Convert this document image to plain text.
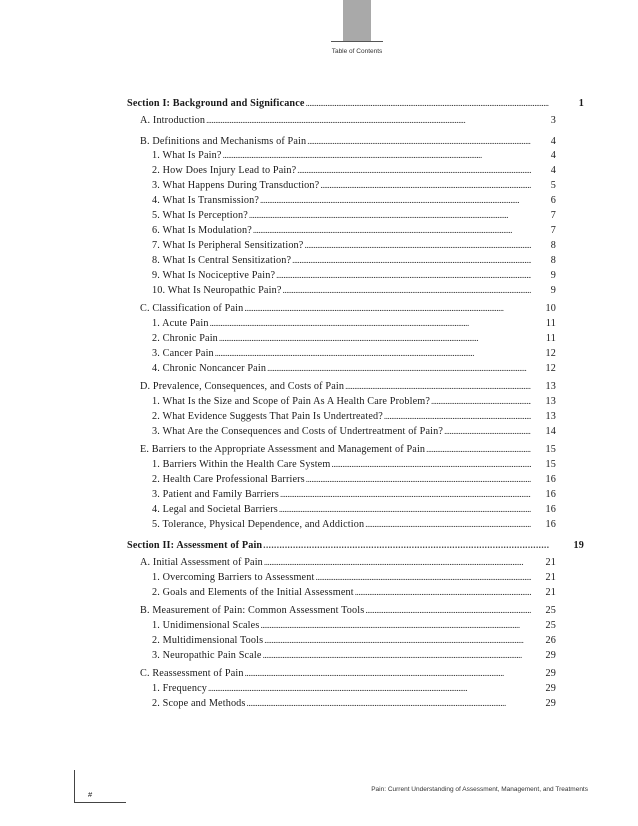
Table of Contents
Section I: Background and Significance . . .	1
A. Introduction . . .	3
B. Definitions and Mechanisms of Pain . . .	4
1. What Is Pain? . . .	4
2. How Does Injury Lead to Pain? . . .	4
3. What Happens During Transduction? . . .	5
4. What Is Transmission? . . .	6
5. What Is Perception? . . .	7
6. What Is Modulation? . . .	7
7. What Is Peripheral Sensitization? . . .	8
8. What Is Central Sensitization? . . .	8
9. What Is Nociceptive Pain? . . .	9
10. What Is Neuropathic Pain? . . .	9
C. Classification of Pain . . .	10
1. Acute Pain . . .	11
2. Chronic Pain . . .	11
3. Cancer Pain . . .	12
4. Chronic Noncancer Pain . . .	12
D. Prevalence, Consequences, and Costs of Pain . . .	13
1. What Is the Size and Scope of Pain As A Health Care Problem? . . .	13
2. What Evidence Suggests That Pain Is Undertreated? . . .	13
3. What Are the Consequences and Costs of Undertreatment of Pain? . . .	14
E. Barriers to the Appropriate Assessment and Management of Pain . . .	15
1. Barriers Within the Health Care System . . .	15
2. Health Care Professional Barriers . . .	16
3. Patient and Family Barriers . . .	16
4. Legal and Societal Barriers . . .	16
5. Tolerance, Physical Dependence, and Addiction . . .	16
Section II: Assessment of Pain . . .	19
A. Initial Assessment of Pain . . .	21
1. Overcoming Barriers to Assessment . . .	21
2. Goals and Elements of the Initial Assessment . . .	21
B. Measurement of Pain: Common Assessment Tools . . .	25
1. Unidimensional Scales . . .	25
2. Multidimensional Tools . . .	26
3. Neuropathic Pain Scale . . .	29
C. Reassessment of Pain . . .	29
1. Frequency . . .	29
2. Scope and Methods . . .	29
#
Pain: Current Understanding of Assessment, Management, and Treatments
